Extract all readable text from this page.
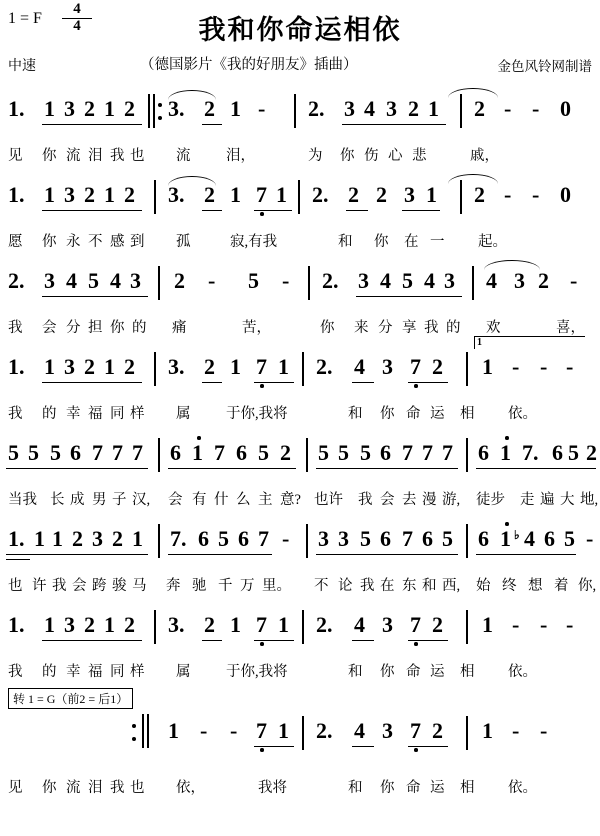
1 = F $\frac{4}{4}$	我和你命运相依
中速	（德国影片《我的好朋友》插曲）	金色风铃网制谱
1. 1 3 2 1 2 3. 2 1 - 2. 3 4 3 2 1 2 - - 0
见 你 流 泪 我 也 流 泪，	为 你 伤 心 悲	戚，
1. 1 3 2 1 2 3. 2 1 7 1 2. 2 2 3 1 2 - - 0
愿 你 永 不 感 到 孤	寂,有我	和 你 在 一 起。
2. 3 4 5 4 3 2 - 5 - 2. 3 4 5 4 3 4 3 2 -
我 会 分 担 你 的 痛	苦，	你 来 分 享 我 的 欢	喜，
1
1. 1 3 2 1 2 3. 2 1 7 1 2. 4 3 7 2 1 - - -
我 的 幸 福 同 样 属 于你,我将	和 你 命 运 相 依。
5 5 5 6 7 7 7 6 1 7 6 5 2 5 5 5 6 7 7 7 6 1 7. 6 5 2
当我 长 成 男 子 汉, 会 有 什 么 主 意? 也许 我 会 去 漫 游, 徒步 走 遍 大 地,
1. 1 1 2 3 2 1 7. 6 5 6 7 - 3 3 5 6 7 6 5 6 1 4 6 5 -
♭
也 许 我 会 跨 骏 马 奔 驰 千 万 里。 不 论 我 在 东 和 西, 始 终 想 着 你,
1. 1 3 2 1 2 3. 2 1 7 1 2. 4 3 7 2 1 - - -
我 的 幸 福 同 样 属 于你,我将	和 你 命 运 相 依。
转 1 = G（前2 = 后1）
1 - - 7 1 2. 4 3 7 2 1 - -
见 你 流 泪 我 也 依，	我将	和 你 命 运 相 依。
